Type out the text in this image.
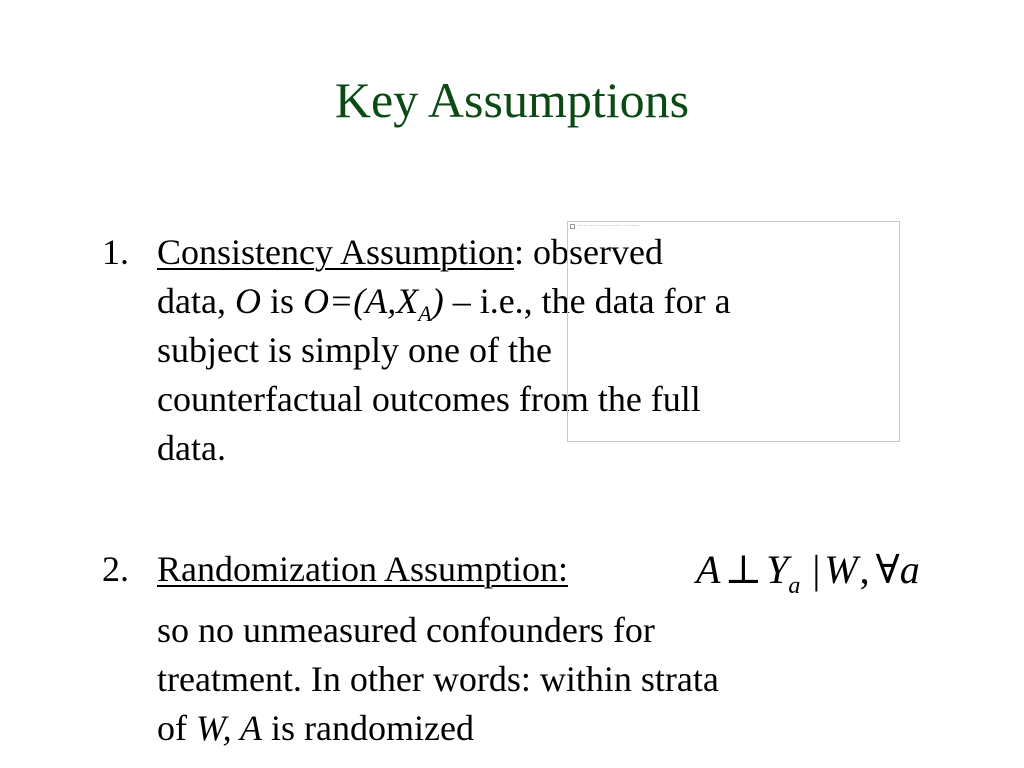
Key Assumptions
1. Consistency Assumption: observed
data, O is $O=(A,X_A) - i.e$., the data for a
subject is simply one of the
counterfactual outcomes from the full
data.
QuickTime and a decompressor are needed to see this picture.
2. Randomization Assumption:	A ⊥ $Y_a$ | W, ∀a
so no unmeasured confounders for
treatment. In other words: within strata
of W, A is randomized
